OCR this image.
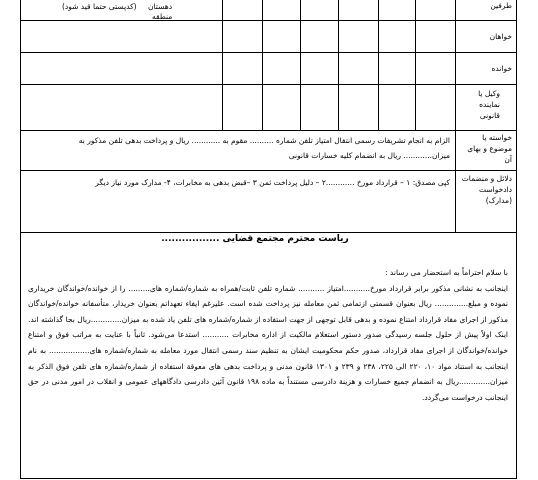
طرفین
خواهان
خوانده
وکیل یا نماینده قانونی
دهستان
(کدپستی حتما قید شود)
منطقه
خواسته یا موضوع و بهای آن
الزام به انجام تشریفات رسمی انتقال امتیاز تلفن شماره .......... مقوم به ............ ریال و پرداخت بدهی تلفن مذکور به
میزان............ ریال به انضمام کلیه خسارات قانونی
دلائل و منضمات دادخواست (مدارک)
کپی مصدق: ۱ – قرارداد مورخ ............۲ – دلیل پرداخت ثمن ۳ –قبض بدهی به مخابرات، ۴- مدارک مورد نیاز دیگر
ریاست محترم مجتمع قضایی .................

با سلام احتراماً به استحضار می رساند :

اینجانب به نشانی مذکور برابر قرارداد مورخ...........امتیاز ........... شماره تلفن ثابت/همراه به شماره/شماره های......... را از خوانده/خواندگان خریداری نموده و مبلغ.............. ریال بعنوان قسمتی ازتمامی ثمن معامله نیز پرداخت شده است. علیرغم ایفاء تعهداتم بعنوان خریدار، متأسفانه خوانده/خواندگان مذکور از اجرای مفاد قرارداد امتناع نموده و بدهی قابل توجهی از جهت استفاده از شماره/شماره های تلفن یاد شده به میزان.............ریال بجا گذاشته اند. اینک اولاً پیش از حلول جلسه رسیدگی صدور دستور استعلام مالکیت از اداره مخابرات ........... استدعا می‌شود. ثانیاً با عنایت به مراتب فوق و امتناع خوانده/خواندگان از اجرای مفاد قرارداد، صدور حکم محکومیت ایشان به تنظیم سند رسمی انتقال مورد معامله به شماره/شماره های................. به نام اینجانب به استناد مواد ۱۰، ۲۲۰ الی ۲۲۵، ۲۳۸ و ۲۳۹ و ۱۳۰۱ قانون مدنی و پرداخت بدهی های معوقة استفاده از شماره/شماره های تلفن فوق الذکر به میزان.............ریال به انضمام جمیع خسارات و هزینة دادرسی مستنداً به ماده ۱۹۸ قانون آئین دادرسی دادگاههای عمومی و انقلاب در امور مدنی در حق اینجانب درخواست می‌گردد.
